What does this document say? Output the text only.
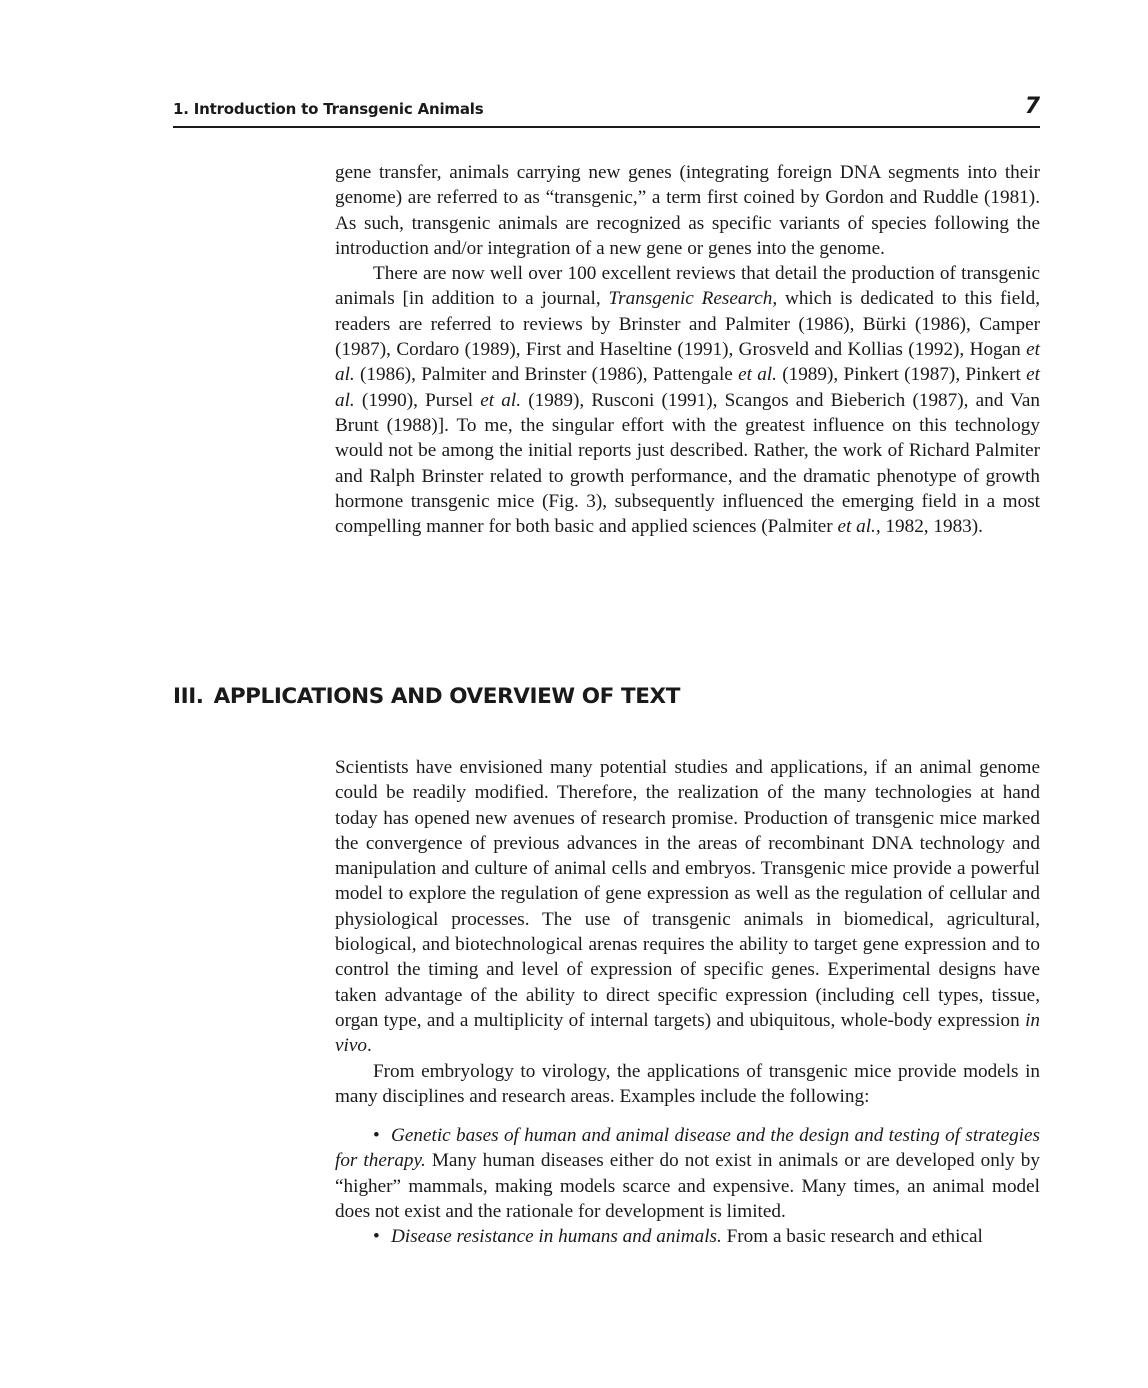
1. Introduction to Transgenic Animals	7

gene transfer, animals carrying new genes (integrating foreign DNA segments into their genome) are referred to as “transgenic,” a term first coined by Gordon and Ruddle (1981). As such, transgenic animals are recognized as specific variants of species following the introduction and/or integration of a new gene or genes into the genome.

There are now well over 100 excellent reviews that detail the production of transgenic animals [in addition to a journal, Transgenic Research, which is dedicated to this field, readers are referred to reviews by Brinster and Palmiter (1986), Bürki (1986), Camper (1987), Cordaro (1989), First and Haseltine (1991), Grosveld and Kollias (1992), Hogan et al. (1986), Palmiter and Brinster (1986), Pattengale et al. (1989), Pinkert (1987), Pinkert et al. (1990), Pursel et al. (1989), Rusconi (1991), Scangos and Bieberich (1987), and Van Brunt (1988)]. To me, the singular effort with the greatest influence on this technology would not be among the initial reports just described. Rather, the work of Richard Palmiter and Ralph Brinster related to growth performance, and the dramatic phenotype of growth hormone transgenic mice (Fig. 3), subsequently influenced the emerging field in a most compelling manner for both basic and applied sciences (Palmiter et al., 1982, 1983).

III. APPLICATIONS AND OVERVIEW OF TEXT

Scientists have envisioned many potential studies and applications, if an animal genome could be readily modified. Therefore, the realization of the many technologies at hand today has opened new avenues of research promise. Production of transgenic mice marked the convergence of previous advances in the areas of recombinant DNA technology and manipulation and culture of animal cells and embryos. Transgenic mice provide a powerful model to explore the regulation of gene expression as well as the regulation of cellular and physiological processes. The use of transgenic animals in biomedical, agricultural, biological, and biotechnological arenas requires the ability to target gene expression and to control the timing and level of expression of specific genes. Experimental designs have taken advantage of the ability to direct specific expression (including cell types, tissue, organ type, and a multiplicity of internal targets) and ubiquitous, whole-body expression in vivo.

From embryology to virology, the applications of transgenic mice provide models in many disciplines and research areas. Examples include the following:

• Genetic bases of human and animal disease and the design and testing of strategies for therapy. Many human diseases either do not exist in animals or are developed only by “higher” mammals, making models scarce and expensive. Many times, an animal model does not exist and the rationale for development is limited.

• Disease resistance in humans and animals. From a basic research and ethical
